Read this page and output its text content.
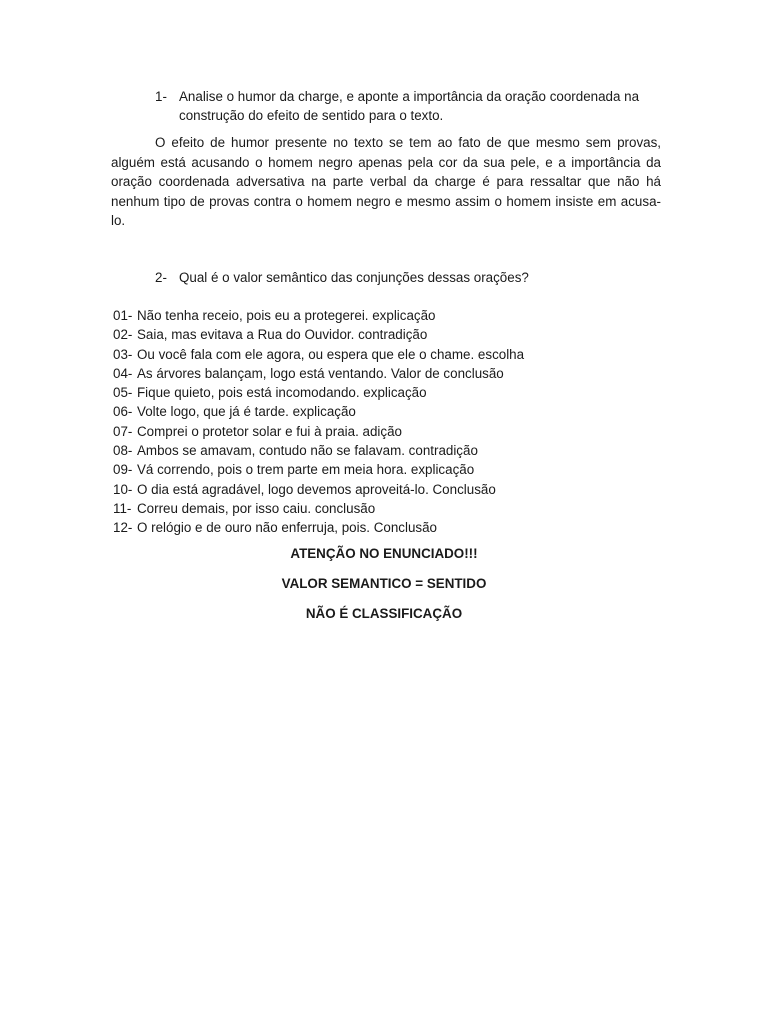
1- Analise o humor da charge, e aponte a importância da oração coordenada na construção do efeito de sentido para o texto.

O efeito de humor presente no texto se tem ao fato de que mesmo sem provas, alguém está acusando o homem negro apenas pela cor da sua pele, e a importância da oração coordenada adversativa na parte verbal da charge é para ressaltar que não há nenhum tipo de provas contra o homem negro e mesmo assim o homem insiste em acusa-lo.

2- Qual é o valor semântico das conjunções dessas orações?
01- Não tenha receio, pois eu a protegerei. explicação
02- Saia, mas evitava a Rua do Ouvidor. contradição
03- Ou você fala com ele agora, ou espera que ele o chame. escolha
04- As árvores balançam, logo está ventando. Valor de conclusão
05- Fique quieto, pois está incomodando. explicação
06- Volte logo, que já é tarde. explicação
07- Comprei o protetor solar e fui à praia. adição
08- Ambos se amavam, contudo não se falavam. contradição
09- Vá correndo, pois o trem parte em meia hora. explicação
10- O dia está agradável, logo devemos aproveitá-lo. Conclusão
11- Correu demais, por isso caiu. conclusão
12- O relógio e de ouro não enferruja, pois. Conclusão
ATENÇÃO NO ENUNCIADO!!!
VALOR SEMANTICO = SENTIDO
NÃO É CLASSIFICAÇÃO
